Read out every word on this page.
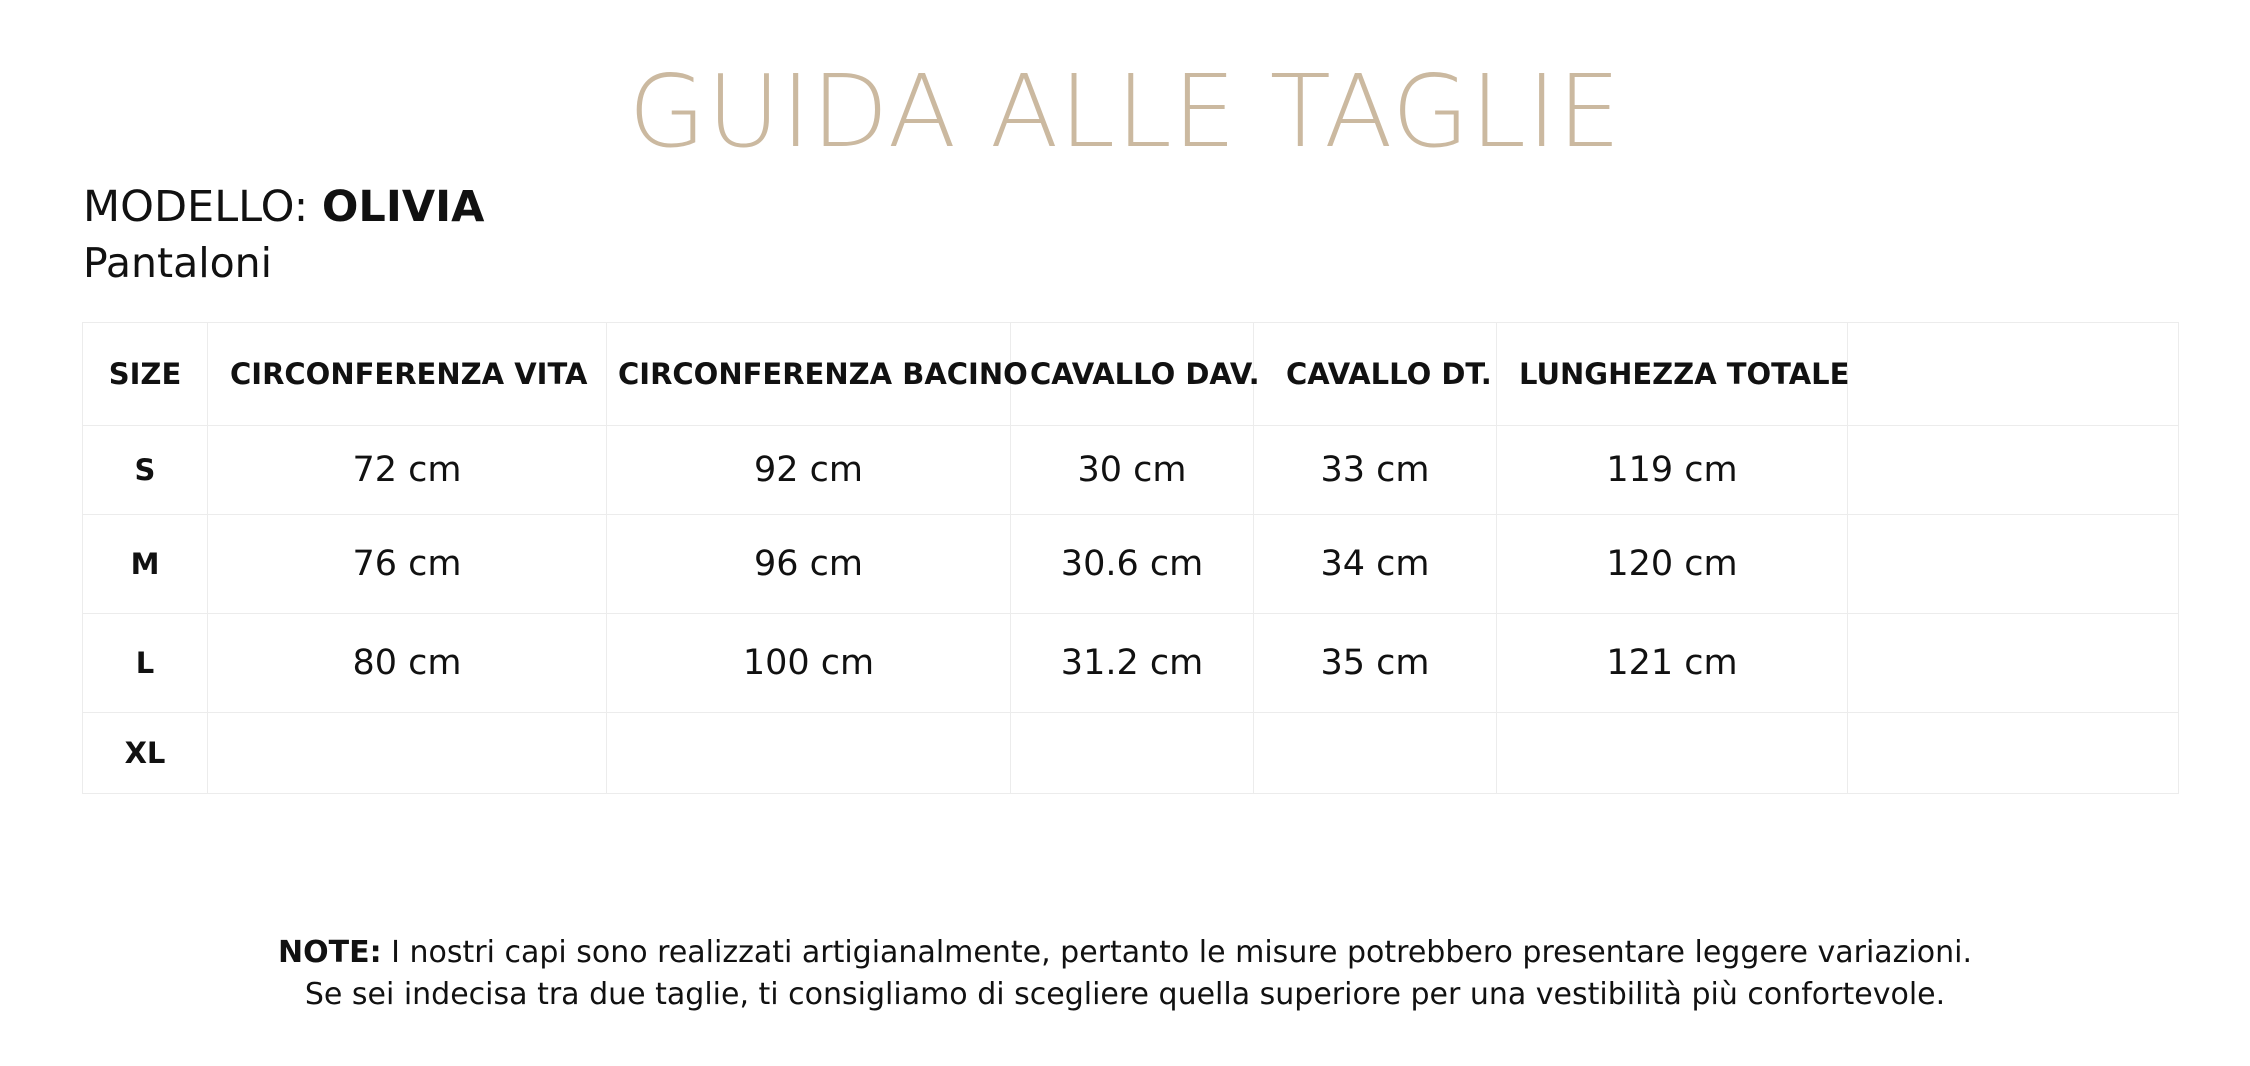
GUIDA ALLE TAGLIE
MODELLO: OLIVIA
Pantaloni
SIZE	CIRCONFERENZA VITA	CIRCONFERENZA BACINO	CAVALLO DAV.	CAVALLO DT.	LUNGHEZZA TOTALE	
S	72 cm	92 cm	30 cm	33 cm	119 cm	
M	76 cm	96 cm	30.6 cm	34 cm	120 cm	
L	80 cm	100 cm	31.2 cm	35 cm	121 cm	
XL						
NOTE: I nostri capi sono realizzati artigianalmente, pertanto le misure potrebbero presentare leggere variazioni.
Se sei indecisa tra due taglie, ti consigliamo di scegliere quella superiore per una vestibilità più confortevole.
